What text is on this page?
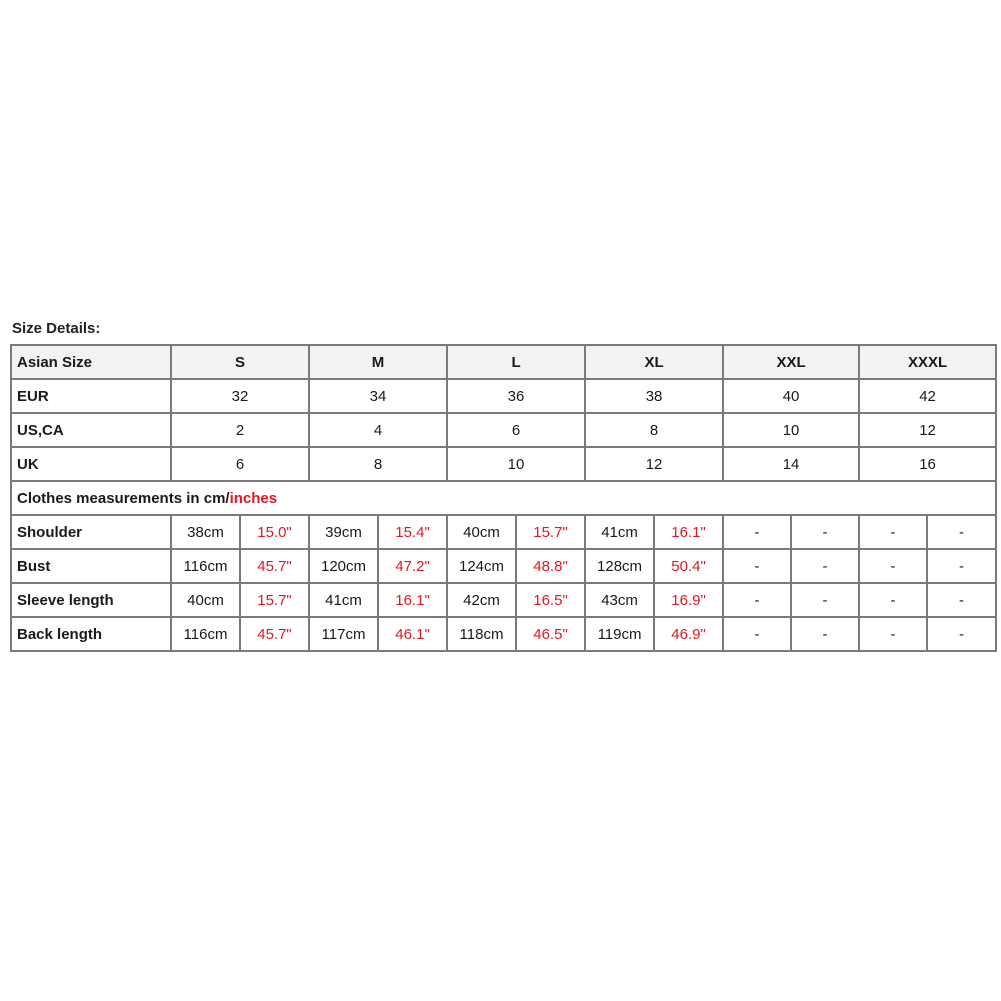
Size Details:
Asian Size	S		M		L		XL		XXL		XXXL	
EUR	32		34		36		38		40		42	
US,CA	2		4		6		8		10		12	
UK	6		8		10		12		14		16	
Clothes measurements in cm/inches												
Shoulder	38cm	15.0"	39cm	15.4"	40cm	15.7"	41cm	16.1"	-	-	-	-
Bust	116cm	45.7"	120cm	47.2"	124cm	48.8"	128cm	50.4"	-	-	-	-
Sleeve length	40cm	15.7"	41cm	16.1"	42cm	16.5"	43cm	16.9"	-	-	-	-
Back length	116cm	45.7"	117cm	46.1"	118cm	46.5"	119cm	46.9"	-	-	-	-
